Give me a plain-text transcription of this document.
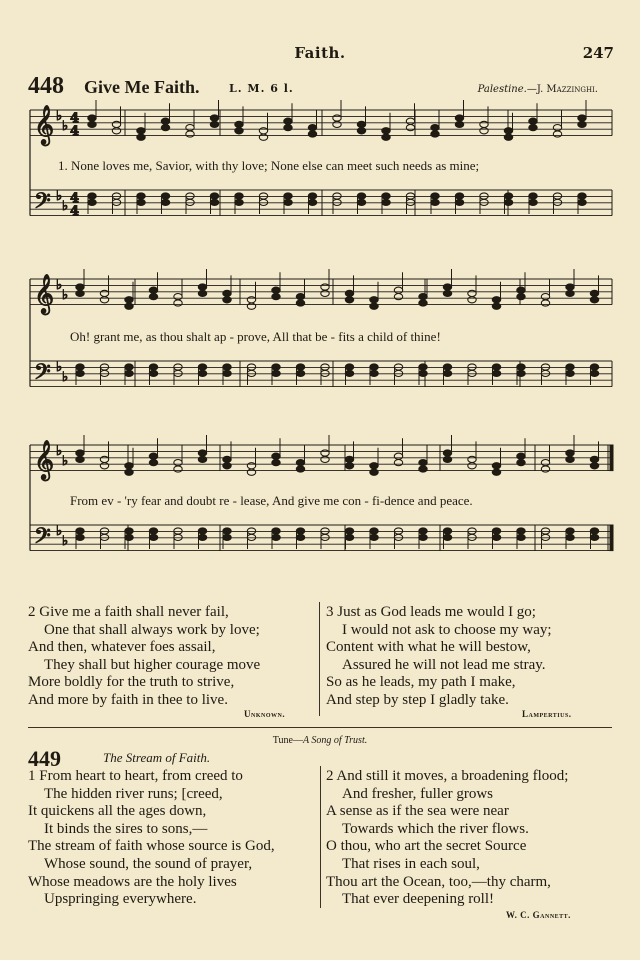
Faith.	247
448 Give Me Faith.	L. M. 6 l.	Palestine.—J. Mazzinghi.
𝄞
𝄢
♭
♭
♭
♭
4
4
4
4
𝄞
𝄢
♭
♭
♭
♭
𝄞
𝄢
♭
♭
♭
♭
1. None loves me, Savior, with thy love; None else can meet such needs as mine;
Oh! grant me, as thou shalt ap - prove, All that be - fits a child of thine!
From ev - 'ry fear and doubt re - lease, And give me con - fi-dence and peace.
2 Give me a faith shall never fail,
One that shall always work by love;
And then, whatever foes assail,
They shall but higher courage move
More boldly for the truth to strive,
And more by faith in thee to live.
Unknown.
3 Just as God leads me would I go;
I would not ask to choose my way;
Content with what he will bestow,
Assured he will not lead me stray.
So as he leads, my path I make,
And step by step I gladly take.
Lampertius.
Tune—A Song of Trust.
449	The Stream of Faith.
1 From heart to heart, from creed to
The hidden river runs; [creed,
It quickens all the ages down,
It binds the sires to sons,—
The stream of faith whose source is God,
Whose sound, the sound of prayer,
Whose meadows are the holy lives
Upspringing everywhere.
2 And still it moves, a broadening flood;
And fresher, fuller grows
A sense as if the sea were near
Towards which the river flows.
O thou, who art the secret Source
That rises in each soul,
Thou art the Ocean, too,—thy charm,
That ever deepening roll!
W. C. Gannett.
